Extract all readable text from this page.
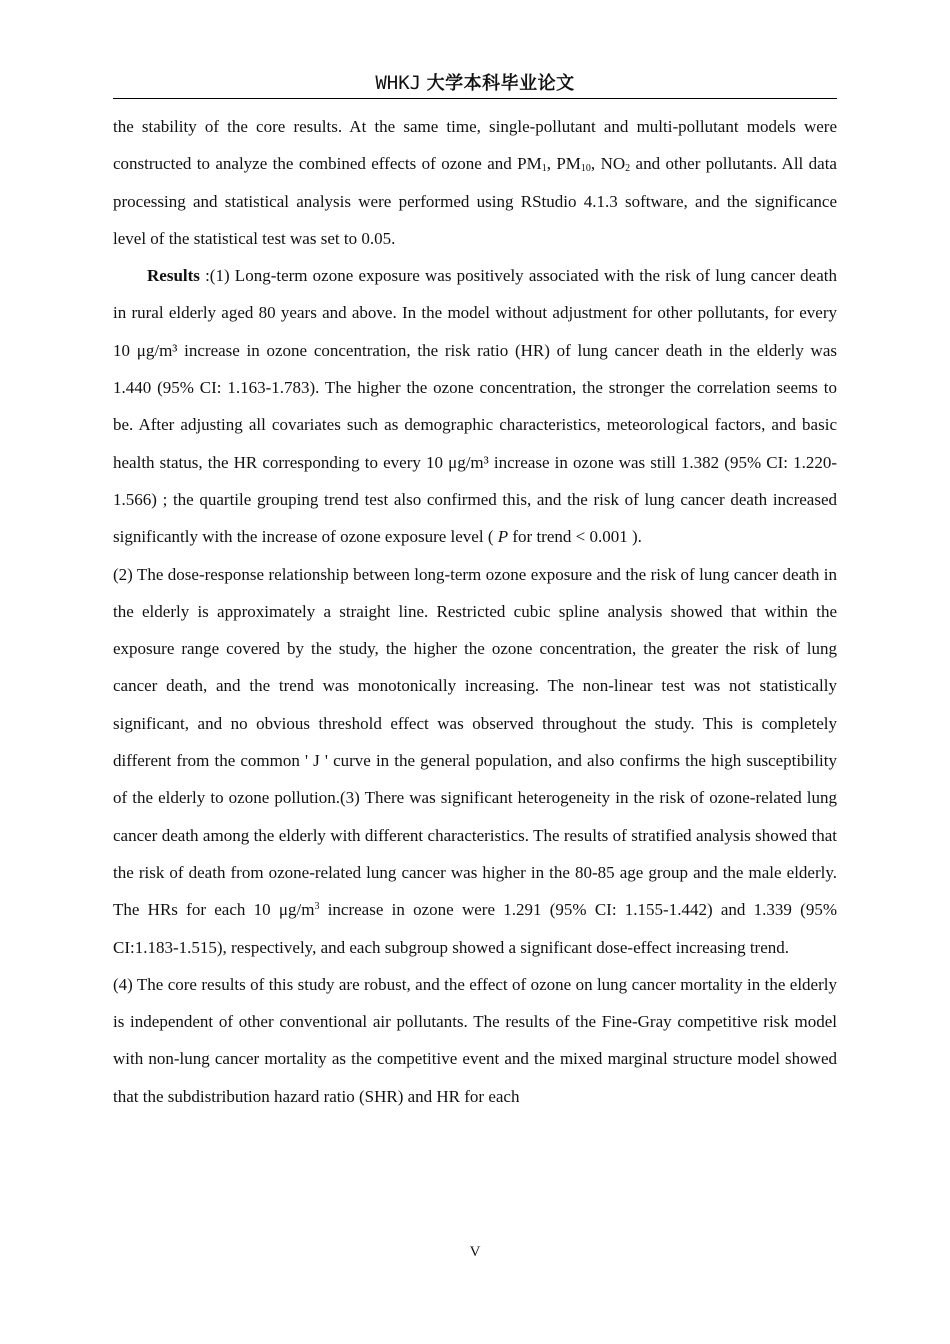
WHKJ 大学本科毕业论文

the stability of the core results. At the same time, single-pollutant and multi-pollutant models were constructed to analyze the combined effects of ozone and $PM_1$, $PM_{10}$, $NO_2$ and other pollutants. All data processing and statistical analysis were performed using RStudio 4.1.3 software, and the significance level of the statistical test was set to 0.05.

Results :(1) Long-term ozone exposure was positively associated with the risk of lung cancer death in rural elderly aged 80 years and above. In the model without adjustment for other pollutants, for every 10 μg/m³ increase in ozone concentration, the risk ratio (HR) of lung cancer death in the elderly was 1.440 (95% CI: 1.163-1.783). The higher the ozone concentration, the stronger the correlation seems to be. After adjusting all covariates such as demographic characteristics, meteorological factors, and basic health status, the HR corresponding to every 10 μg/m³ increase in ozone was still 1.382 (95% CI: 1.220-1.566) ; the quartile grouping trend test also confirmed this, and the risk of lung cancer death increased significantly with the increase of ozone exposure level ( P for trend < 0.001 ).

(2) The dose-response relationship between long-term ozone exposure and the risk of lung cancer death in the elderly is approximately a straight line. Restricted cubic spline analysis showed that within the exposure range covered by the study, the higher the ozone concentration, the greater the risk of lung cancer death, and the trend was monotonically increasing. The non-linear test was not statistically significant, and no obvious threshold effect was observed throughout the study. This is completely different from the common ' J ' curve in the general population, and also confirms the high susceptibility of the elderly to ozone pollution.(3) There was significant heterogeneity in the risk of ozone-related lung cancer death among the elderly with different characteristics. The results of stratified analysis showed that the risk of death from ozone-related lung cancer was higher in the 80-85 age group and the male elderly. The HRs for each 10 $\mu g/m^3$ increase in ozone were 1.291 (95% CI: 1.155-1.442) and 1.339 (95% CI:1.183-1.515), respectively, and each subgroup showed a significant dose-effect increasing trend.

(4) The core results of this study are robust, and the effect of ozone on lung cancer mortality in the elderly is independent of other conventional air pollutants. The results of the Fine-Gray competitive risk model with non-lung cancer mortality as the competitive event and the mixed marginal structure model showed that the subdistribution hazard ratio (SHR) and HR for each

V
